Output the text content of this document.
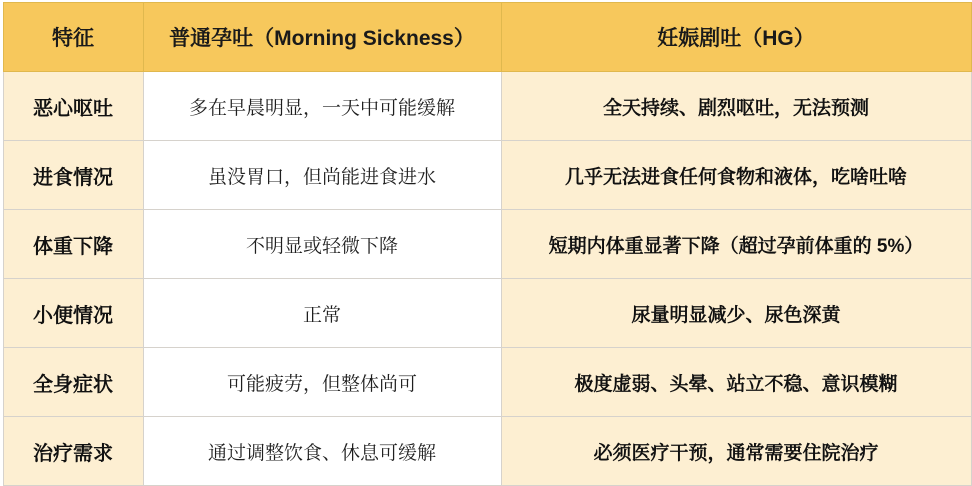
特征	普通孕吐（Morning Sickness）	妊娠剧吐（HG）
恶心呕吐	多在早晨明显，一天中可能缓解	全天持续、剧烈呕吐，无法预测
进食情况	虽没胃口，但尚能进食进水	几乎无法进食任何食物和液体，吃啥吐啥
体重下降	不明显或轻微下降	短期内体重显著下降（超过孕前体重的 5%）
小便情况	正常	尿量明显减少、尿色深黄
全身症状	可能疲劳，但整体尚可	极度虚弱、头晕、站立不稳、意识模糊
治疗需求	通过调整饮食、休息可缓解	必须医疗干预，通常需要住院治疗
